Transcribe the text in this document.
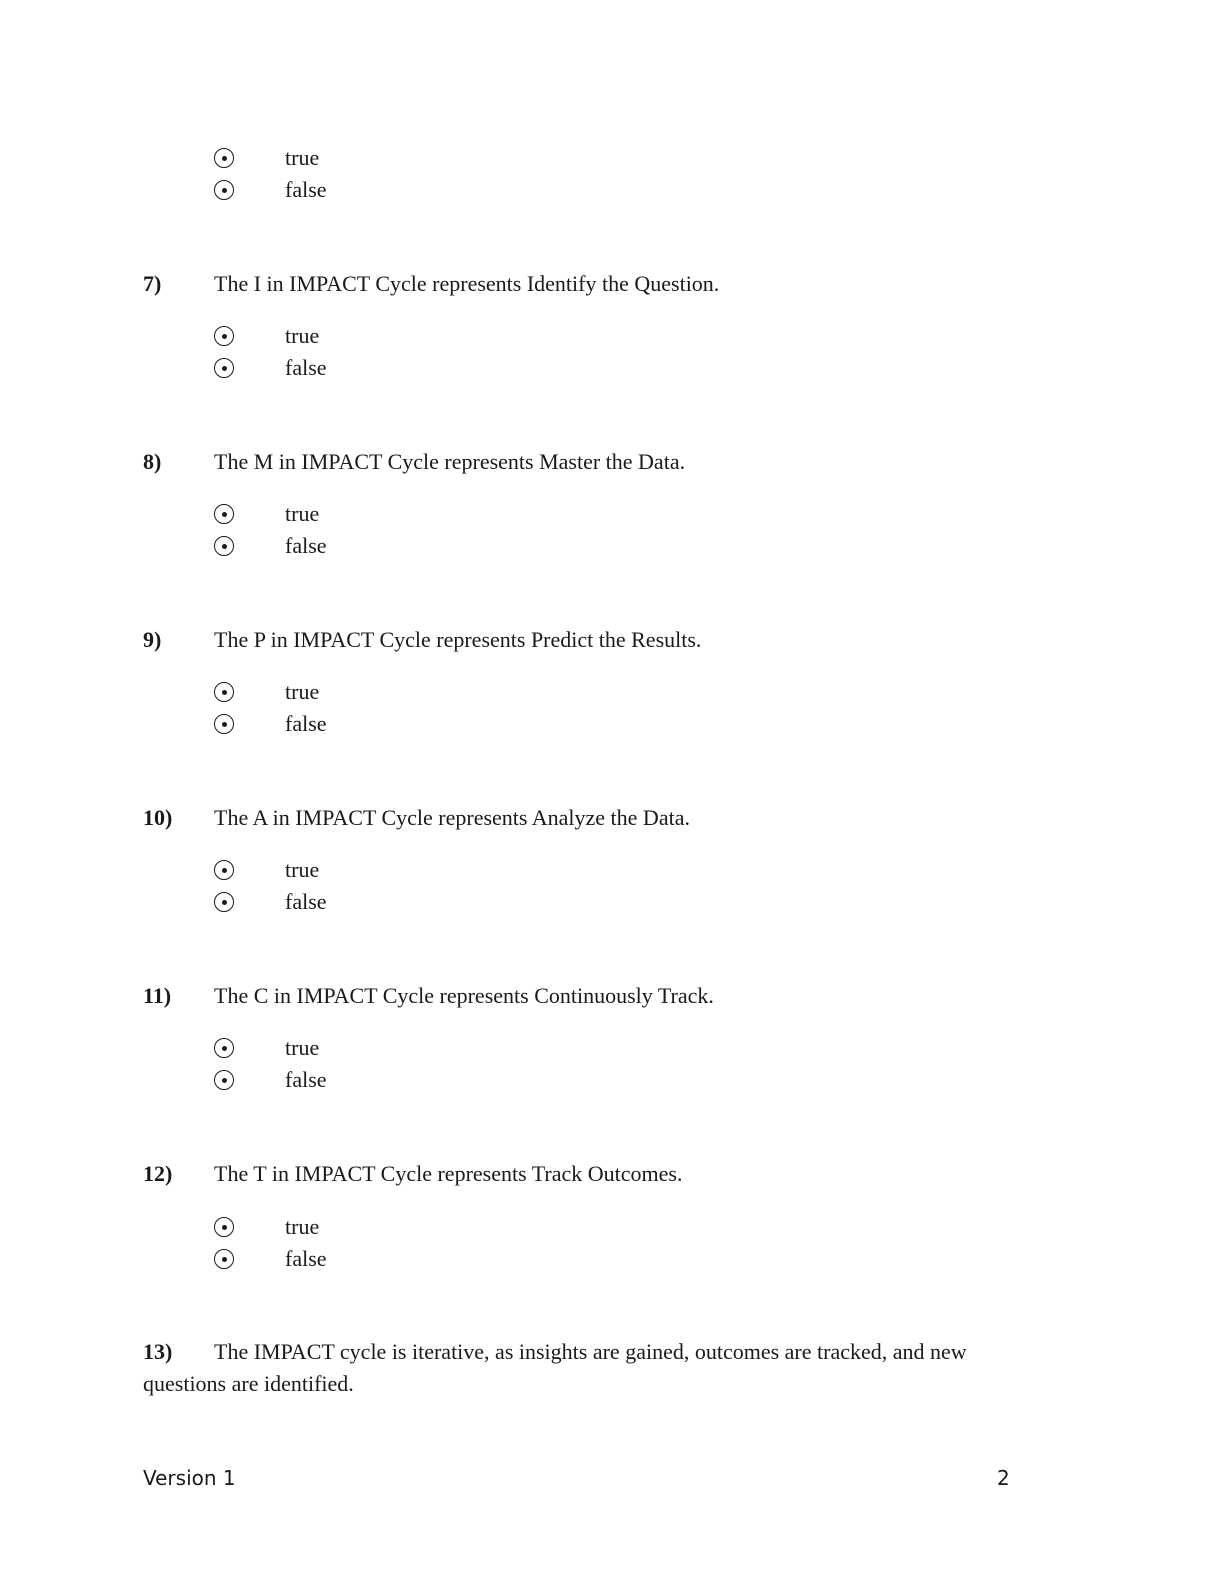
true
false
7) The I in IMPACT Cycle represents Identify the Question.
true
false
8) The M in IMPACT Cycle represents Master the Data.
true
false
9) The P in IMPACT Cycle represents Predict the Results.
true
false
10) The A in IMPACT Cycle represents Analyze the Data.
true
false
11) The C in IMPACT Cycle represents Continuously Track.
true
false
12) The T in IMPACT Cycle represents Track Outcomes.
true
false
13) The IMPACT cycle is iterative, as insights are gained, outcomes are tracked, and new questions are identified.
Version 1	2
